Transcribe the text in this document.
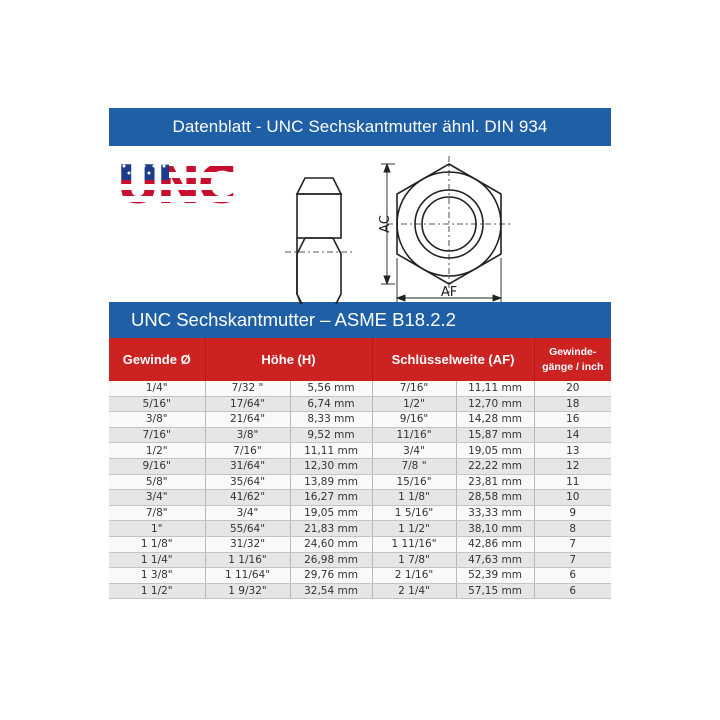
Datenblatt - UNC Sechskantmutter ähnl. DIN 934
AC
AF
UNC Sechskantmutter – ASME B18.2.2
Gewinde Ø	Höhe (H)		Schlüsselweite (AF)		Gewinde-
gänge / inch
1/4"	7/32 "	5,56 mm	7/16"	11,11 mm	20
5/16"	17/64"	6,74 mm	1/2"	12,70 mm	18
3/8"	21/64"	8,33 mm	9/16"	14,28 mm	16
7/16"	3/8"	9,52 mm	11/16"	15,87 mm	14
1/2"	7/16"	11,11 mm	3/4"	19,05 mm	13
9/16"	31/64"	12,30 mm	7/8 "	22,22 mm	12
5/8"	35/64"	13,89 mm	15/16"	23,81 mm	11
3/4"	41/62"	16,27 mm	1 1/8"	28,58 mm	10
7/8"	3/4"	19,05 mm	1 5/16"	33,33 mm	9
1"	55/64"	21,83 mm	1 1/2"	38,10 mm	8
1 1/8"	31/32"	24,60 mm	1 11/16"	42,86 mm	7
1 1/4"	1 1/16"	26,98 mm	1 7/8"	47,63 mm	7
1 3/8"	1 11/64"	29,76 mm	2 1/16"	52,39 mm	6
1 1/2"	1 9/32"	32,54 mm	2 1/4"	57,15 mm	6
